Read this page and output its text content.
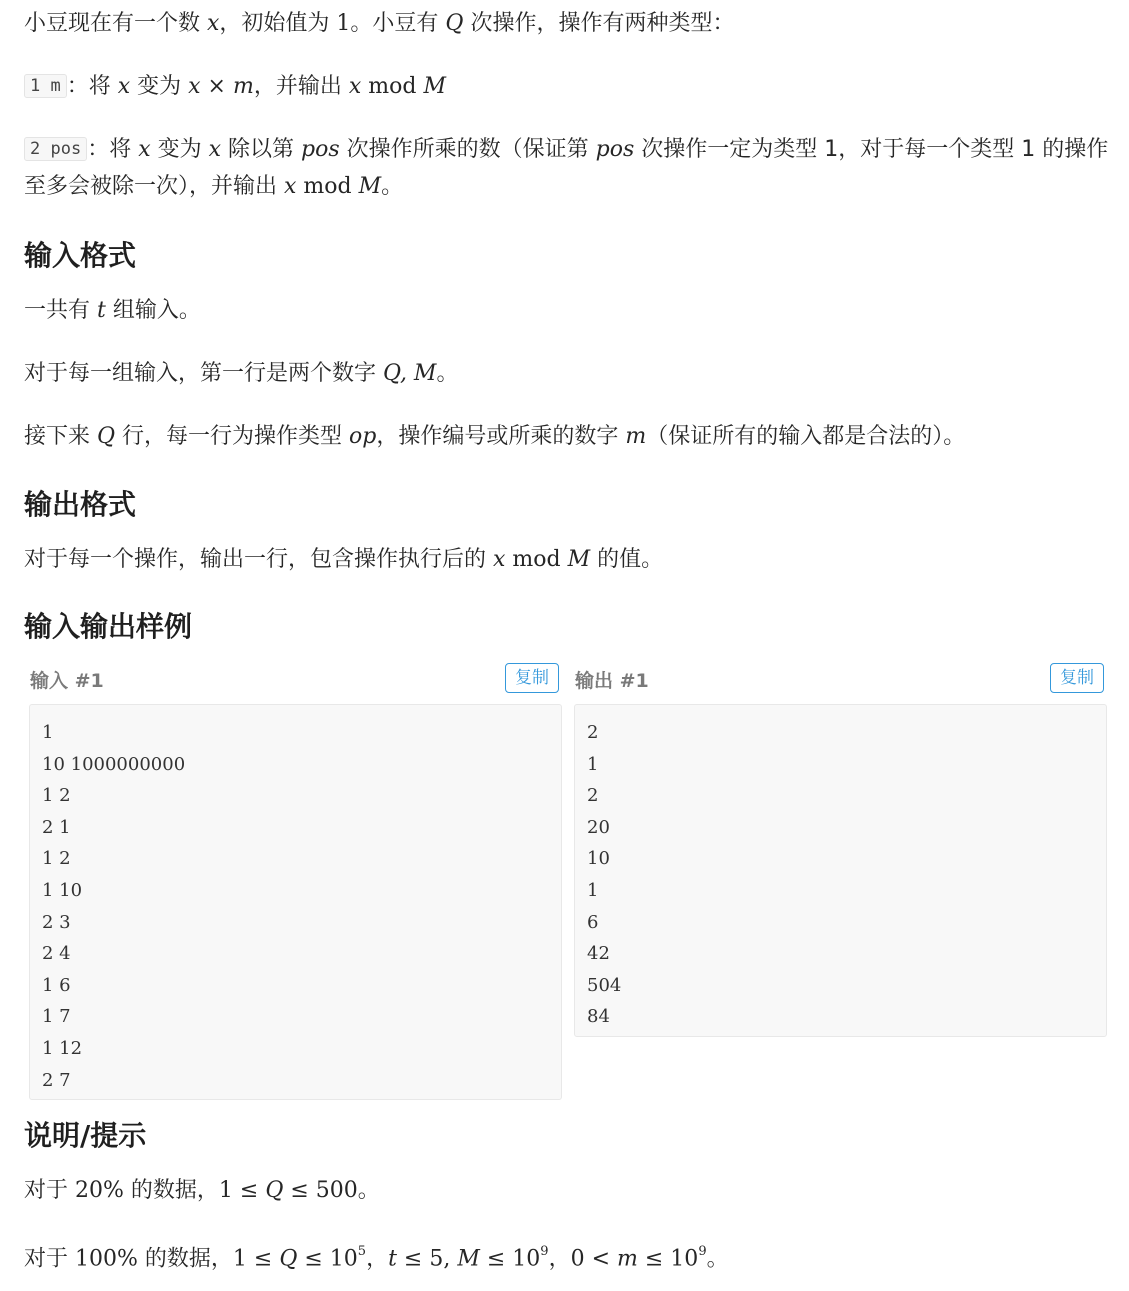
小豆现在有一个数 x，初始值为 1。小豆有 Q 次操作，操作有两种类型：

1 m ：将 x 变为 x × m，并输出 x mod M

2 pos ：将 x 变为 x 除以第 pos 次操作所乘的数（保证第 pos 次操作一定为类型 1，对于每一个类型 1 的操作至多会被除一次），并输出 x mod M。

输入格式

一共有 t 组输入。

对于每一组输入，第一行是两个数字 Q, M。

接下来 Q 行，每一行为操作类型 op，操作编号或所乘的数字 m（保证所有的输入都是合法的）。

输出格式

对于每一个操作，输出一行，包含操作执行后的 x mod M 的值。

输入输出样例
输入 #1	复制	输出 #1	复制
1
10 1000000000
1 2
2 1
1 2
1 10
2 3
2 4
1 6
1 7
1 12
2 7
2
1
2
20
10
1
6
42
504
84
说明/提示

对于 20% 的数据，1 ≤ Q ≤ 500。

对于 100% 的数据，$1 \le Q \le 10^5$，t ≤ 5, $M \le 10^9$，$0 < m \le 10^9$。
